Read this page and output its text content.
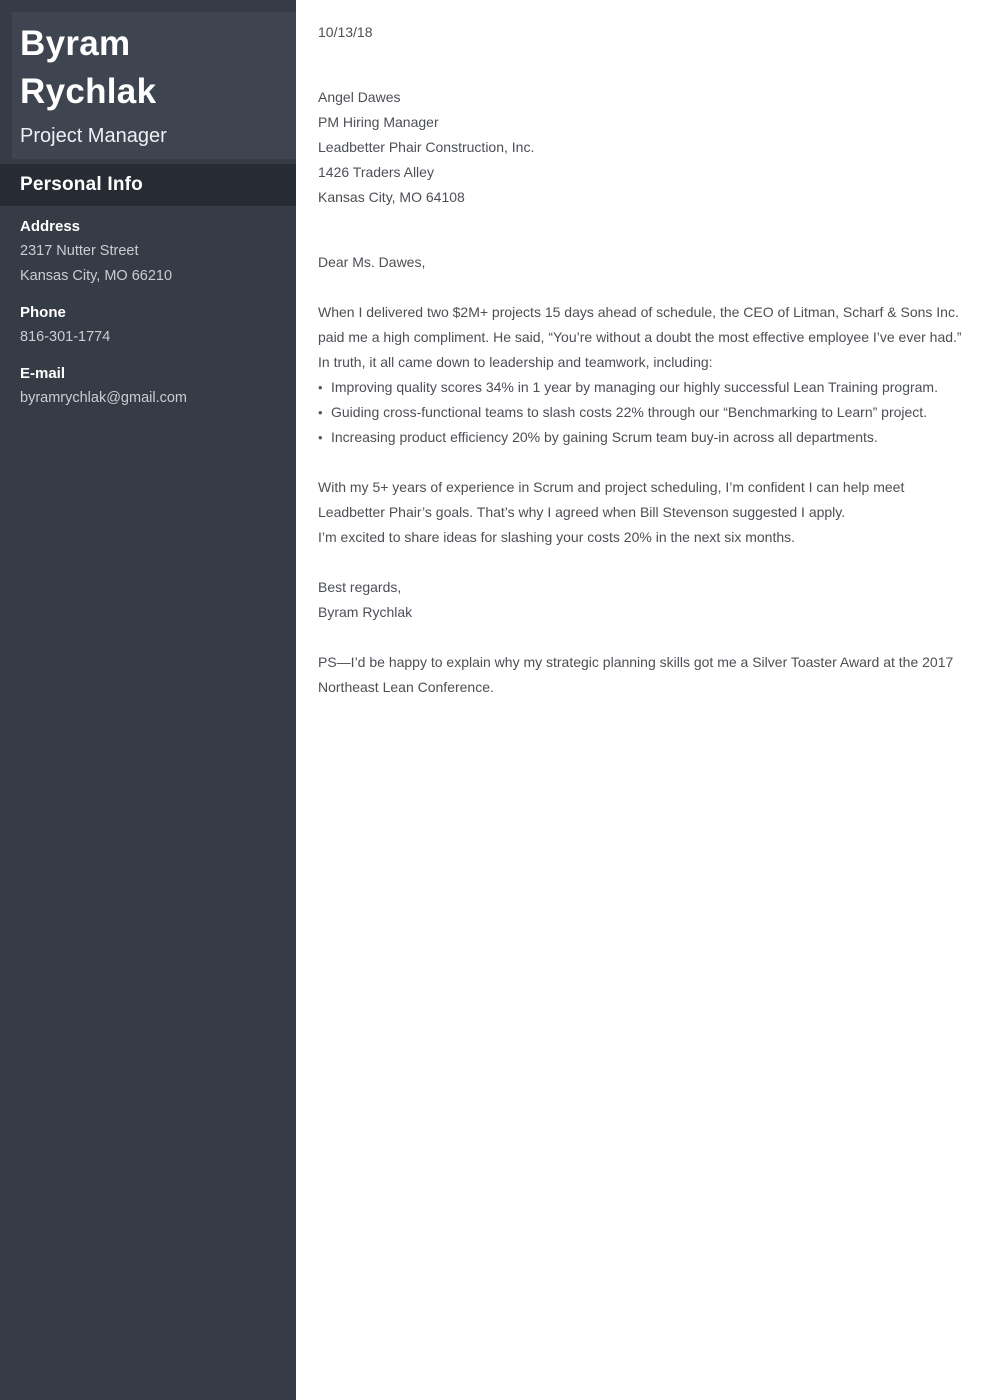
Byram
Rychlak
Project Manager
Personal Info
Address
2317 Nutter Street
Kansas City, MO 66210
Phone
816-301-1774
E-mail
byramrychlak@gmail.com
10/13/18
Angel Dawes
PM Hiring Manager
Leadbetter Phair Construction, Inc.
1426 Traders Alley
Kansas City, MO 64108
Dear Ms. Dawes,
When I delivered two $2M+ projects 15 days ahead of schedule, the CEO of Litman, Scharf & Sons Inc. paid me a high compliment. He said, “You’re without a doubt the most effective employee I’ve ever had.”
In truth, it all came down to leadership and teamwork, including:
• Improving quality scores 34% in 1 year by managing our highly successful Lean Training program.
• Guiding cross-functional teams to slash costs 22% through our “Benchmarking to Learn” project.
• Increasing product efficiency 20% by gaining Scrum team buy-in across all departments.
With my 5+ years of experience in Scrum and project scheduling, I’m confident I can help meet Leadbetter Phair’s goals. That’s why I agreed when Bill Stevenson suggested I apply.
I’m excited to share ideas for slashing your costs 20% in the next six months.
Best regards,
Byram Rychlak
PS—I’d be happy to explain why my strategic planning skills got me a Silver Toaster Award at the 2017 Northeast Lean Conference.
